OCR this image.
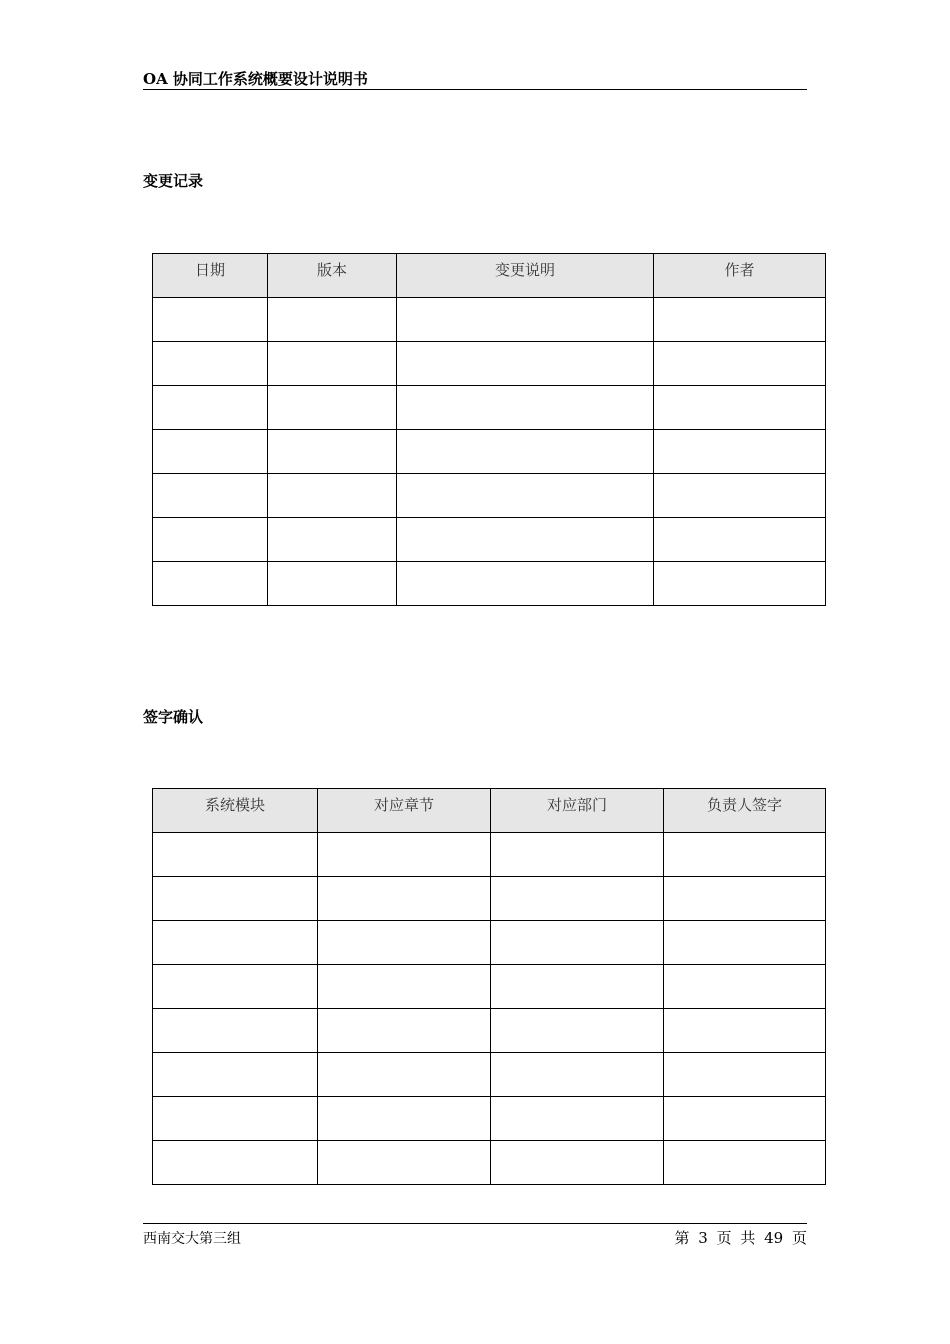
OA 协同工作系统概要设计说明书
变更记录
日期	版本	变更说明	作者

签字确认
系统模块	对应章节	对应部门	负责人签字

西南交大第三组	第 3 页 共 49 页
